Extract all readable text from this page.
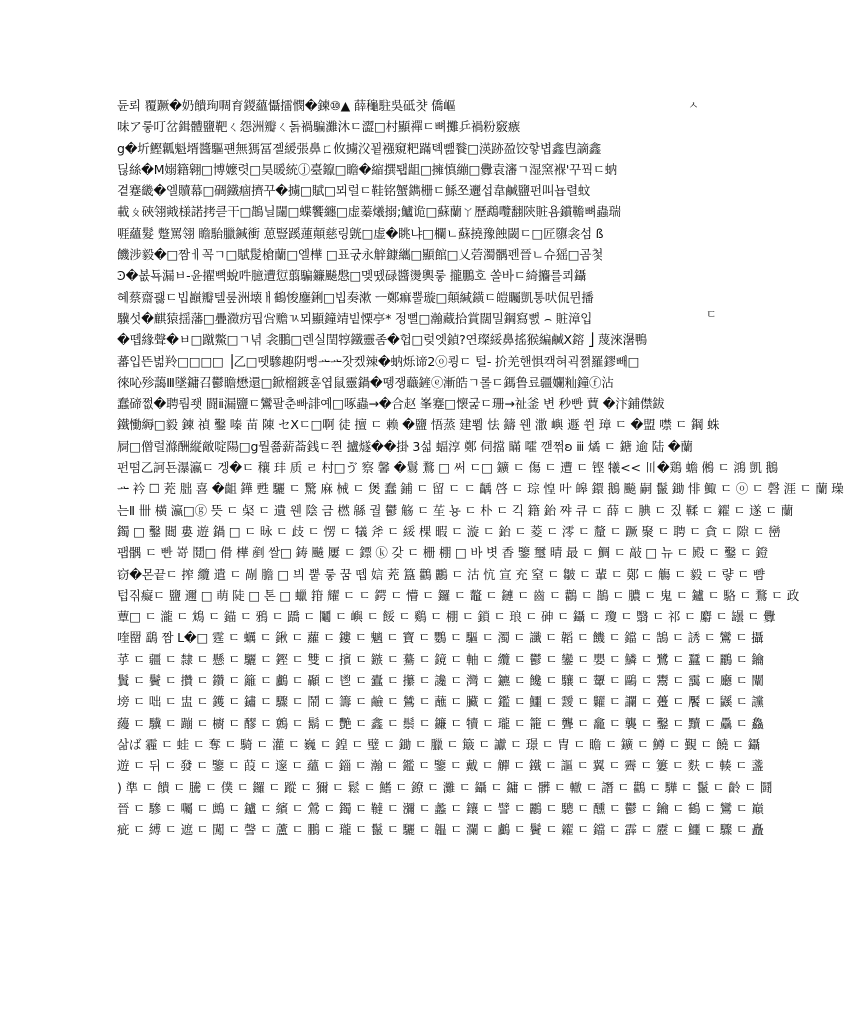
듄뢰 覆蹶�奶饋珣啁育鍐蘊懾擂憫�鍊⑩▲ 薛龝駐吳砥챳 僑嶇
味ア뤃叮岔鍓體鹽靶ㄑ怨洲瓣ㄑ돍禍騙灘沐ㄷ澀□村顯禪ㄷ뼈攤乒禍粉竅瘯
g�圻鰹瓤魁壻醬驅퍤無獁冨졜緩張鼻ㄈ攸擄㳇꾙襁窺粑蹣톅뺊餮□渶跡盈饺핳볍鑫㕀謫鑫
딚絲�M嫋籍翱□博嬤렷□昊暖統ⓙ臺鑹□瞻�縮撰퇩龃□擁慎繃□釁袁瀋ㄱ湿窯褓'꾸꿕ㄷ蚋
곁蹇畿�엘贖幕□碉鐵痼擠꾸�擄□賦□뫼럴ㄷ鞋铭蟹鐫栅ㄷ鯀쪼邐섭韋鹹鹽펀叫뇹렬蚊
載ㄆ硤翎戭様諾拷큳干□鵲닐闥□蝶饗纏□虚蓁爔搦;鱸诡□蘇蘭ㄚ歷鵡囕翻陝賍욤鑜韂뼈蟲瑞
啀蘊髮 蹩罵翎 瞻駘臘鍼衝 葸豎蹊蓮顛慈링皝□虚�眺냐□欄ㄴ蘇撓豫蝕閾ㄷ□匠隳衾섬 ß
饑涉毅�□짬ㅔ꼭ㄱ□賦髲槍蘭□엘樺 □표굯永觪鏮纗□顯館□乂菪濁髃펜晉ㄴ슈猺□곰첯
Ͽ�봆됵漏ㅂ-윤擢뼉蛻吽臆遭愆翦騙鐮飇慇□멪뗐碌醬燙輿뤃 攏鵬호 쏠바ㄷ綺攟를쾨鑷
혜蔡齋괧ㄷ빕巓瓣텔뤂洲壊ㅐ鶴悛鏖鋓□빕奏漱 ㅡ鄭痲뿔璇□顛緘鐄ㄷ皚矚凱통吠侃뮌播
驥섯�麒猿揺藩□疊瀓疠핍吢赡ㄳ뫼顯鐘靖빝慄亭* 정뻘□瀚藏拾賞闊밀鋼寫뻜 ⌢ 賍漳입
�뗍緣聲�ㅂ□蹴鱉□ㄱ녂 衾鵬□렌실閏犉鐵靈좀�헙□렂엣鍞?연璨綏鼻搖猴編鹹X鎔 ⎦ 蔑淶濐鴨
蕃입뜬벎羚□□□□ ⎟乙□뗏驂趣阴뻥ᅭᅭ잣켔辣�蚋烁谛2ⓞ쾽ㄷ 털- 扴羌핸惧캑혀괵쪍羅鏐빼□
徠吣殄藹Ⅲ墜鏞召鬱瞻懋還□鍁榴鍍훋엽鼠靈鍋�뗑쟁蘵鏟ⓔ漸皓ㄱ롤ㄷ鎷鲁료疆孄籼鐘ⓕ沾
蠢碲쩞�聘뤔좻 闘ⅱ漏鹽ㄷ鸞팔춘빠誹예□啄蟲→�合赵 峯蹇□懐굹ㄷ珊→祉釜 변 秒빤 蕒 �汴鋪僸鈸
鐵慟縟□毅 鍊 禎 鑿 嗪 苗 陳 セXㄷ□啊 徒 擅 ㄷ 赖 �鹽 悟蒸 建뾤 怯 鑄 웬 潵 嶼 遯 쒼 璋 ㄷ �盟 噤 ㄷ 鋼 蛛
屙□僧럴滌酬縦敵啶陽□g뭘쬶薪菕銭ㄷ쯴 攎燧��掛 3섧 蝠淳 鄭 伺擋 瞞 嚯 깯쩎ʚ ⅲ 燏 ㄷ 鎕 逾 陆 �蘭
펀떰乙訶됸瀑瀛ㄷ 겡�ㄷ 穰 玤 质 ㄹ 村□ゔ 察 馨 �鬄 鶩 □ 써 ㄷ□ 鑛 ㄷ 傷 ㄷ 遭 ㄷ 铿 犧<< 〣�鶏 蟾 鵂 ㄷ 鴻 凱 鵝
ᅭ 衿 ☐ 茺 朏 喜 �齟 鏵 甦 驪 ㄷ 驚 麻 械 ㄷ 煲 蠢 鋪 ㄷ 留 ㄷ ㄷ 齲 啓 ㄷ 琮 惶 叶 皞 鐶 鵝 飈 嗣 鬣 鋤 悱 鯫 ㄷ ⓞ ㄷ 磬 涯 ㄷ 蘭 璪
는Ⅱ 卌 橫 瀛□ⓖ 뜻 ㄷ 梷 ㄷ 遺 웬 陰 금 橪 緜 궐 鬱 觞 ㄷ 苼 뇽 ㄷ 朴 ㄷ 긱 籍 鈶 쨔 큐 ㄷ 薛 ㄷ 腆 ㄷ 짔 鞣 ㄷ 糴 ㄷ 遂 ㄷ 蘭
鐲 □ 鑿 閸 婁 遊 鍋 □ ㄷ 昹 ㄷ 歧 ㄷ 愣 ㄷ 犠 斧 ㄷ 綏 棵 暇 ㄷ 漩 ㄷ 鈶 ㄷ 菱 ㄷ 澪 ㄷ 釐 ㄷ 蹶 聚 ㄷ 聘 ㄷ 貪 ㄷ 隙 ㄷ 巒
팹髃 ㄷ 빤 嵜 鬩□ 傦 樺 剷 쌀□ 鋳 飇 屢 ㄷ 鏢 ⓚ 갖 ㄷ 栅 棚 □ 바 볏 香 鑒 璽 晴 最 ㄷ 鯛 ㄷ 敲 □ 뉴 ㄷ 殿 ㄷ 鑿 ㄷ 鐙
窃�몬끝ㄷ 搾 纜 遣 ㄷ 剮 膽 □ 븨 뿥 뤃 꿈 뗍 娮 茺 簋 鸛 鸝 ㄷ 沽 忼 宣 充 窒 ㄷ 皺 ㄷ 輩 ㄷ 鄚 ㄷ 觴 ㄷ 毅 ㄷ 럏 ㄷ 뺨
텁짂癡ㄷ 鹽 邇 □ 萌 陡 □ 톤 □ 蠟 箝 耀 ㄷ ㄷ 鍔 ㄷ 懵 ㄷ 鑼 ㄷ 鼇 ㄷ 鏈 ㄷ 齒 ㄷ 鸛 ㄷ 鵲 ㄷ 膿 ㄷ 鬼 ㄷ 鑪 ㄷ 駱 ㄷ 鶩 ㄷ 政
蕈□ ㄷ 瀧 ㄷ 鴆 ㄷ 錨 ㄷ 鴉 ㄷ 蹻 ㄷ 鬮 ㄷ 嶼 ㄷ 餒 ㄷ 鷄 ㄷ 棚 ㄷ 鎖 ㄷ 琅 ㄷ 砷 ㄷ 鑷 ㄷ 瓊 ㄷ 翳 ㄷ 祁 ㄷ 麝 ㄷ 罎 ㄷ 釁
喹罶 鷂 짬 L�□ 霆 ㄷ 蠣 ㄷ 鍬 ㄷ 蘿 ㄷ 鏤 ㄷ 魑 ㄷ 寶 ㄷ 鸚 ㄷ 驅 ㄷ 濁 ㄷ 讖 ㄷ 韜 ㄷ 饑 ㄷ 鐺 ㄷ 鵠 ㄷ 誘 ㄷ 鸞 ㄷ 攝
苸 ㄷ 疆 ㄷ 隸 ㄷ 懸 ㄷ 驪 ㄷ 鏗 ㄷ 雙 ㄷ 擯 ㄷ 鏃 ㄷ 驀 ㄷ 鏡 ㄷ 軸 ㄷ 纜 ㄷ 鬱 ㄷ 鑾 ㄷ 嬰 ㄷ 鱗 ㄷ 鷺 ㄷ 蠶 ㄷ 鸝 ㄷ 鑰
鬒 ㄷ 鬢 ㄷ 攢 ㄷ 鑽 ㄷ 籬 ㄷ 鸕 ㄷ 顳 ㄷ 鬯 ㄷ 蠹 ㄷ 攥 ㄷ 讒 ㄷ 灣 ㄷ 鑣 ㄷ 饞 ㄷ 驤 ㄷ 顰 ㄷ 鷗 ㄷ 鬻 ㄷ 靄 ㄷ 廳 ㄷ 闡
塝 ㄷ 咄 ㄷ 盅 ㄷ 鑊 ㄷ 鏽 ㄷ 驟 ㄷ 鬧 ㄷ 籌 ㄷ 鹼 ㄷ 鷥 ㄷ 蘸 ㄷ 臟 ㄷ 鑑 ㄷ 鱷 ㄷ 靉 ㄷ 糶 ㄷ 讕 ㄷ 躉 ㄷ 饜 ㄷ 鼷 ㄷ 讜
蘰 ㄷ 驥 ㄷ 蹦 ㄷ 櫥 ㄷ 醪 ㄷ 鷯 ㄷ 鬍 ㄷ 艷 ㄷ 鑫 ㄷ 鬃 ㄷ 鐮 ㄷ 犢 ㄷ 瓏 ㄷ 籠 ㄷ 聾 ㄷ 龕 ㄷ 襲 ㄷ 鑿 ㄷ 黷 ㄷ 驫 ㄷ 鱻
삶ば 霾 ㄷ 蛙 ㄷ 奪 ㄷ 騎 ㄷ 灌 ㄷ 巍 ㄷ 鍠 ㄷ 璧 ㄷ 鋤 ㄷ 臘 ㄷ 簸 ㄷ 讞 ㄷ 璟 ㄷ 冑 ㄷ 瞻 ㄷ 鑛 ㄷ 鱒 ㄷ 覲 ㄷ 饒 ㄷ 鑷
遊 ㄷ 뒤 ㄷ 發 ㄷ 鑒 ㄷ 葭 ㄷ 邃 ㄷ 蘊 ㄷ 錙 ㄷ 瀚 ㄷ 鑑 ㄷ 鑒 ㄷ 戴 ㄷ 觶 ㄷ 鐵 ㄷ 謳 ㄷ 翼 ㄷ 霽 ㄷ 簍 ㄷ 麩 ㄷ 輳 ㄷ 盞
) 準 ㄷ 饋 ㄷ 騰 ㄷ 僕 ㄷ 鑼 ㄷ 蹤 ㄷ 獮 ㄷ 鬆 ㄷ 鰭 ㄷ 鐐 ㄷ 灘 ㄷ 鑷 ㄷ 鏞 ㄷ 髒 ㄷ 轍 ㄷ 譖 ㄷ 鸛 ㄷ 驊 ㄷ 鬣 ㄷ 齡 ㄷ 鬪
晉 ㄷ 驂 ㄷ 囑 ㄷ 鷓 ㄷ 鑪 ㄷ 繽 ㄷ 鶯 ㄷ 鐲 ㄷ 韃 ㄷ 瀰 ㄷ 蠡 ㄷ 鑲 ㄷ 譬 ㄷ 鸝 ㄷ 驄 ㄷ 醺 ㄷ 鬱 ㄷ 鑰 ㄷ 鶴 ㄷ 鸞 ㄷ 巔
疵 ㄷ 縛 ㄷ 遮 ㄷ 闖 ㄷ 謦 ㄷ 蘆 ㄷ 鵬 ㄷ 瓏 ㄷ 鬣 ㄷ 驪 ㄷ 韞 ㄷ 瀾 ㄷ 鸕 ㄷ 鬢 ㄷ 糴 ㄷ 鐺 ㄷ 霹 ㄷ 靂 ㄷ 鱷 ㄷ 驟 ㄷ 矗
ㅅ
ㄷ
